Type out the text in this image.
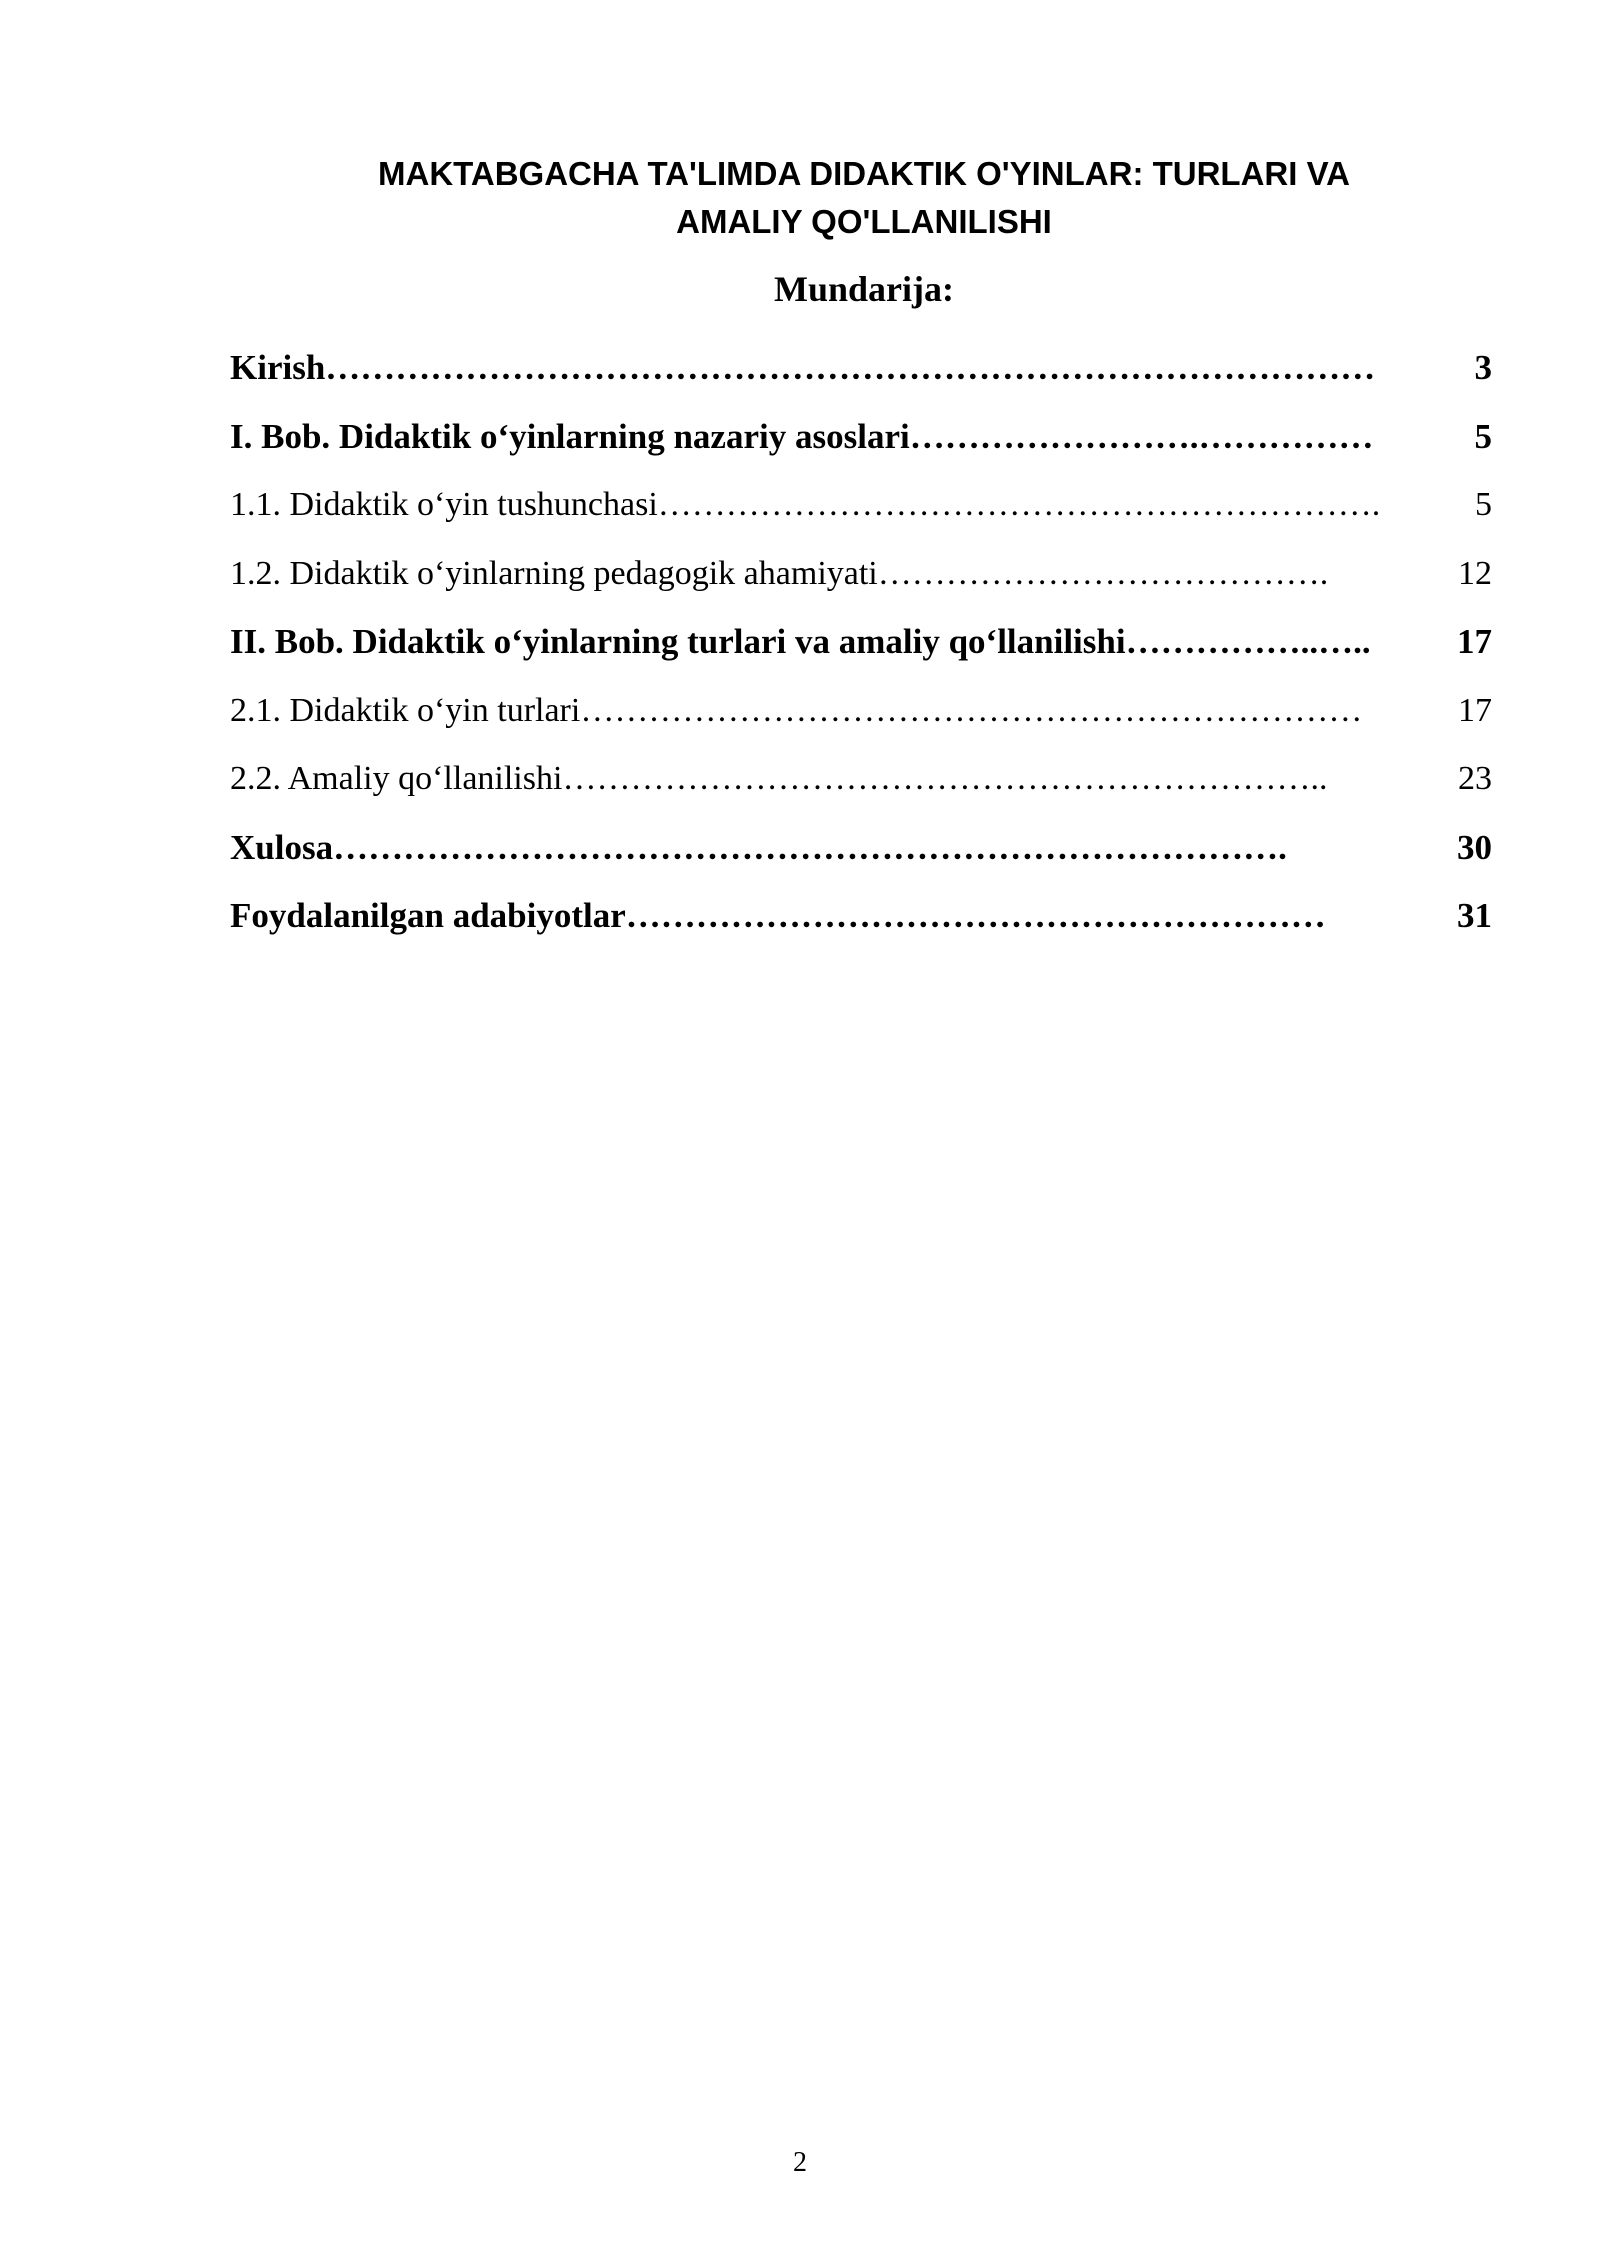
MAKTABGACHA TA'LIMDA DIDAKTIK O'YINLAR: TURLARI VA
AMALIY QO'LLANILISHI
Mundarija:
Kirish ………………………………………………………………………………	3
I. Bob. Didaktik o‘yinlarning nazariy asoslari …………………….……………	5
1.1. Didaktik o‘yin tushunchasi ……………………………………………………….	5
1.2. Didaktik o‘yinlarning pedagogik ahamiyati ………………………………….	12
II. Bob. Didaktik o‘yinlarning turlari va amaliy qo‘llanilishi ……………..…..	17
2.1. Didaktik o‘yin turlari ……………………………………………………………	17
2.2. Amaliy qo‘llanilishi …………………………………………………………..	23
Xulosa ……………………………………………………………………….	30
Foydalanilgan adabiyotlar ……………………………………………………	31
2
